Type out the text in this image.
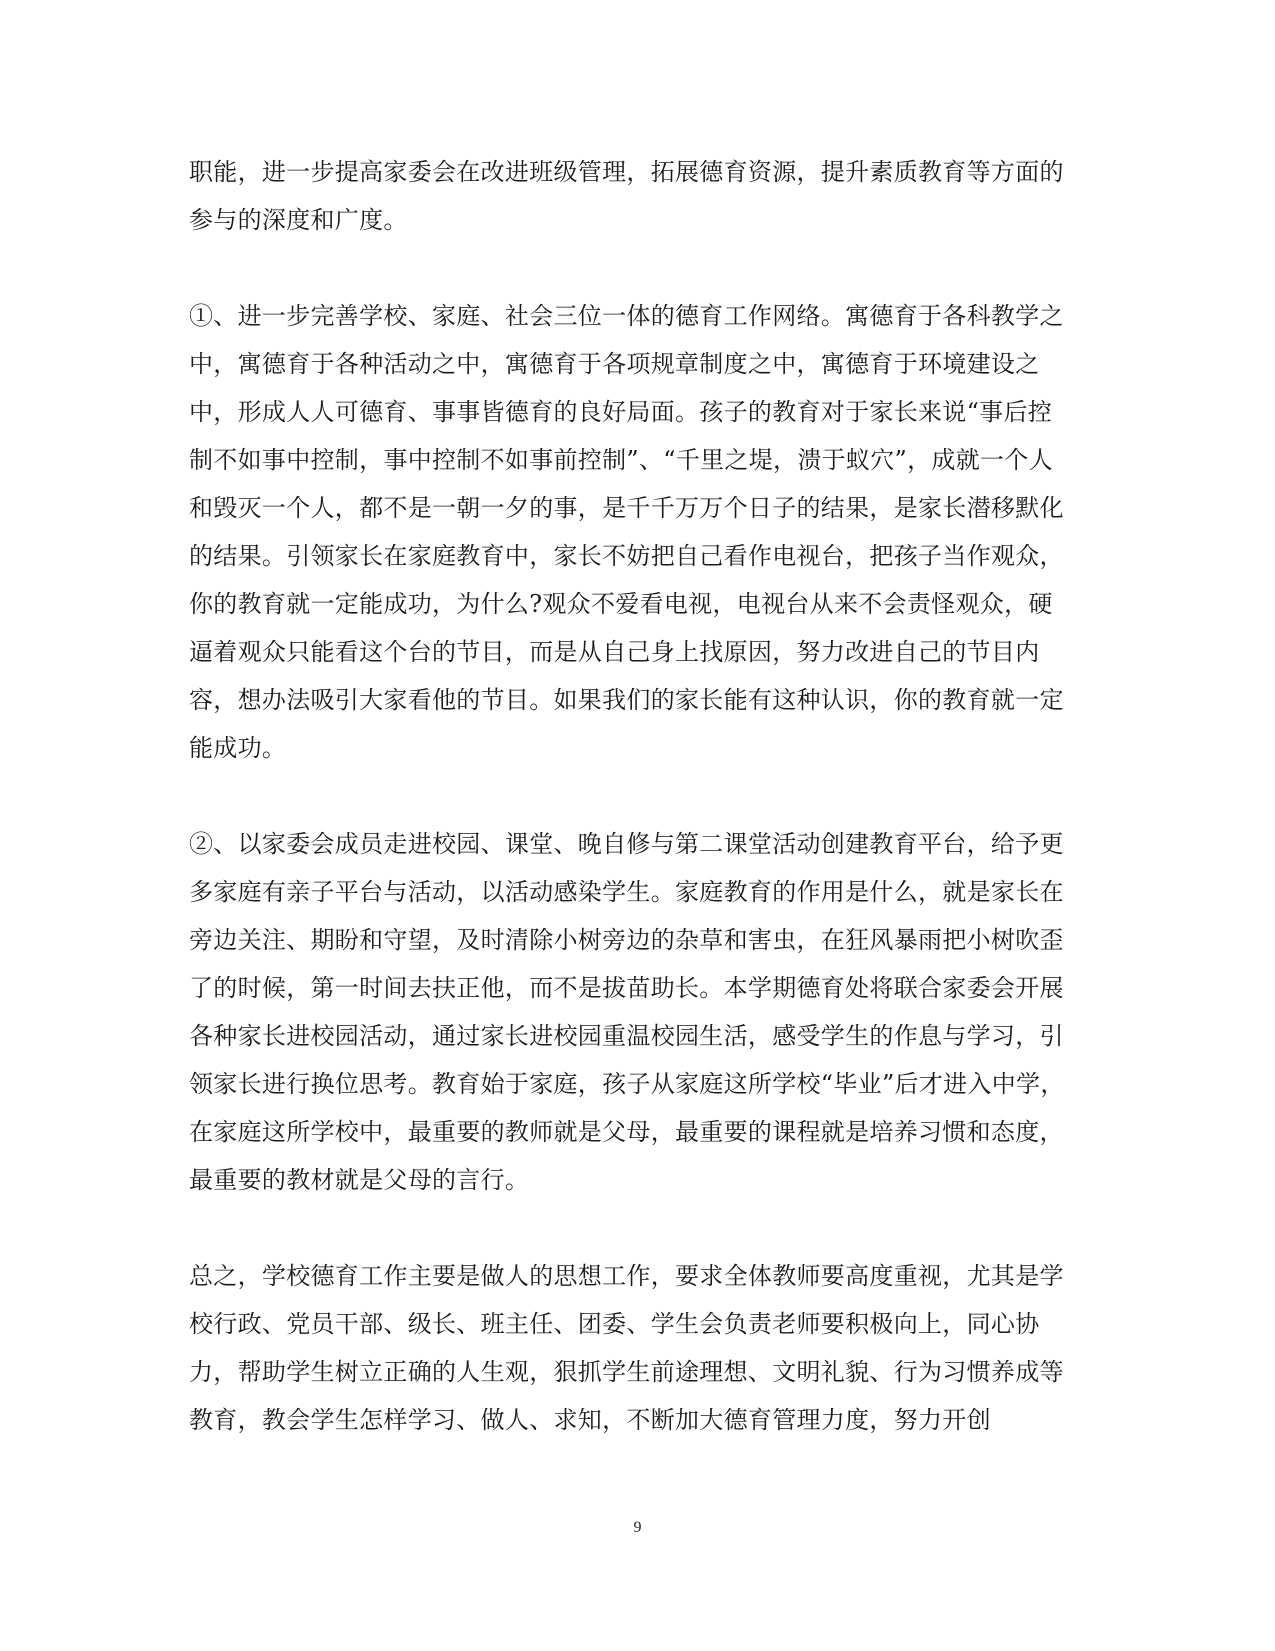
职能，进一步提高家委会在改进班级管理，拓展德育资源，提升素质教育等方面的参与的深度和广度。

①、进一步完善学校、家庭、社会三位一体的德育工作网络。寓德育于各科教学之中，寓德育于各种活动之中，寓德育于各项规章制度之中，寓德育于环境建设之中，形成人人可德育、事事皆德育的良好局面。孩子的教育对于家长来说“事后控制不如事中控制，事中控制不如事前控制”、“千里之堤，溃于蚁穴”，成就一个人和毁灭一个人，都不是一朝一夕的事，是千千万万个日子的结果，是家长潜移默化的结果。引领家长在家庭教育中，家长不妨把自己看作电视台，把孩子当作观众，你的教育就一定能成功，为什么?观众不爱看电视，电视台从来不会责怪观众，硬逼着观众只能看这个台的节目，而是从自己身上找原因，努力改进自己的节目内容，想办法吸引大家看他的节目。如果我们的家长能有这种认识，你的教育就一定能成功。

②、以家委会成员走进校园、课堂、晚自修与第二课堂活动创建教育平台，给予更多家庭有亲子平台与活动，以活动感染学生。家庭教育的作用是什么，就是家长在旁边关注、期盼和守望，及时清除小树旁边的杂草和害虫，在狂风暴雨把小树吹歪了的时候，第一时间去扶正他，而不是拔苗助长。本学期德育处将联合家委会开展各种家长进校园活动，通过家长进校园重温校园生活，感受学生的作息与学习，引领家长进行换位思考。教育始于家庭，孩子从家庭这所学校“毕业”后才进入中学，在家庭这所学校中，最重要的教师就是父母，最重要的课程就是培养习惯和态度，最重要的教材就是父母的言行。

总之，学校德育工作主要是做人的思想工作，要求全体教师要高度重视，尤其是学校行政、党员干部、级长、班主任、团委、学生会负责老师要积极向上，同心协力，帮助学生树立正确的人生观，狠抓学生前途理想、文明礼貌、行为习惯养成等教育，教会学生怎样学习、做人、求知，不断加大德育管理力度，努力开创

9
